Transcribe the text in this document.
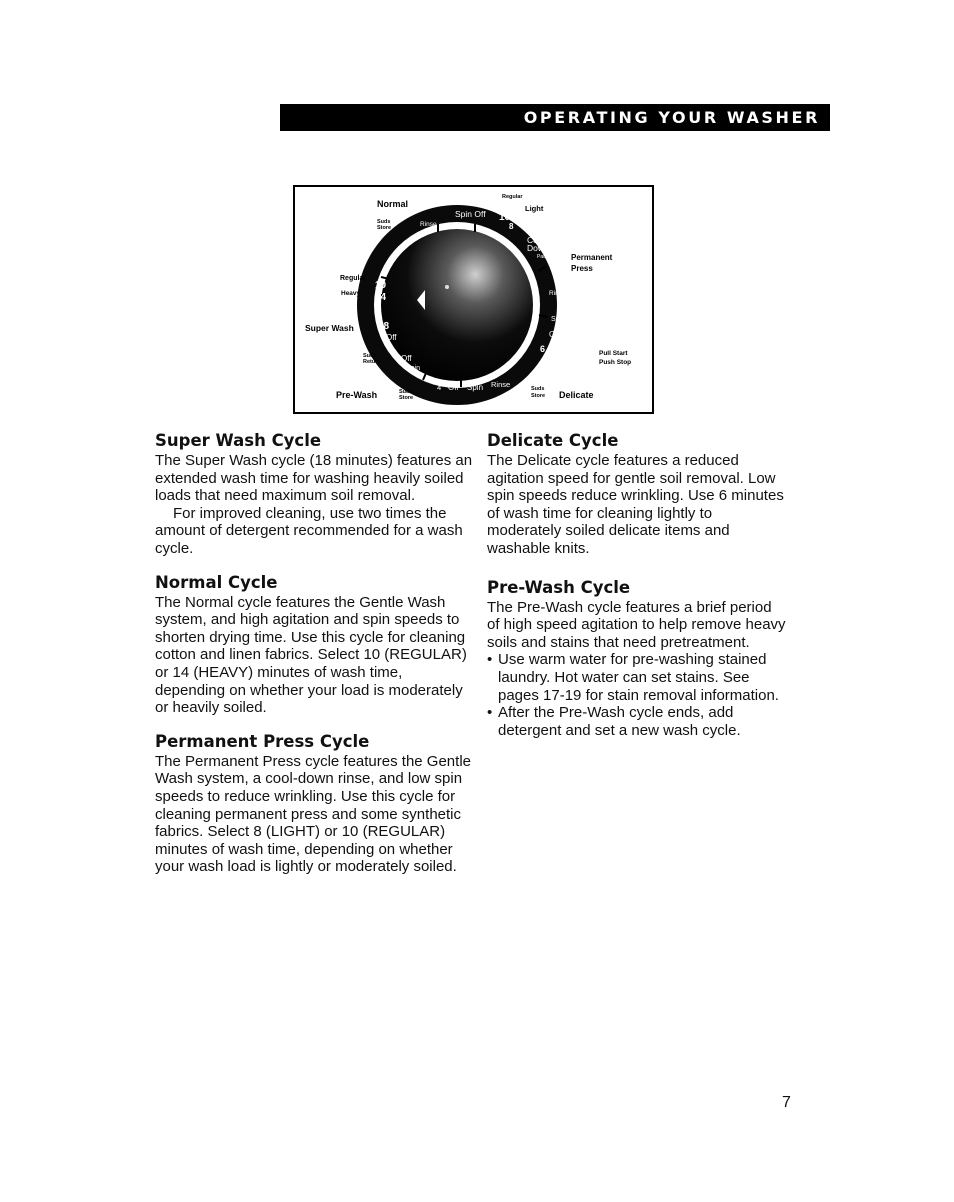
OPERATING YOUR WASHER
Spin Off
Rinse
10
8
Cool
Down
Pause
Rinse
Spin
Off
6
10
14
18
Off
Off
Spin
4 Off Spin Rinse
Normal
Suds
Store
Regular
Light
Permanent
Press
Regular
Heavy
Super Wash
Suds
Return
Pull Start
Push Stop
Pre-Wash	Suds
Store
Suds
Store Delicate
Super Wash Cycle

The Super Wash cycle (18 minutes) features an extended wash time for washing heavily soiled loads that need maximum soil removal.

For improved cleaning, use two times the amount of detergent recommended for a wash cycle.

Normal Cycle

The Normal cycle features the Gentle Wash system, and high agitation and spin speeds to shorten drying time. Use this cycle for cleaning cotton and linen fabrics. Select 10 (REGULAR) or 14 (HEAVY) minutes of wash time, depending on whether your load is moderately or heavily soiled.

Permanent Press Cycle

The Permanent Press cycle features the Gentle Wash system, a cool-down rinse, and low spin speeds to reduce wrinkling. Use this cycle for cleaning permanent press and some synthetic fabrics. Select 8 (LIGHT) or 10 (REGULAR) minutes of wash time, depending on whether your wash load is lightly or moderately soiled.

Delicate Cycle

The Delicate cycle features a reduced agitation speed for gentle soil removal. Low spin speeds reduce wrinkling. Use 6 minutes of wash time for cleaning lightly to moderately soiled delicate items and washable knits.

Pre-Wash Cycle

The Pre-Wash cycle features a brief period of high speed agitation to help remove heavy soils and stains that need pretreatment.

• Use warm water for pre-washing stained laundry. Hot water can set stains. See pages 17-19 for stain removal information.
• After the Pre-Wash cycle ends, add detergent and set a new wash cycle.
7
